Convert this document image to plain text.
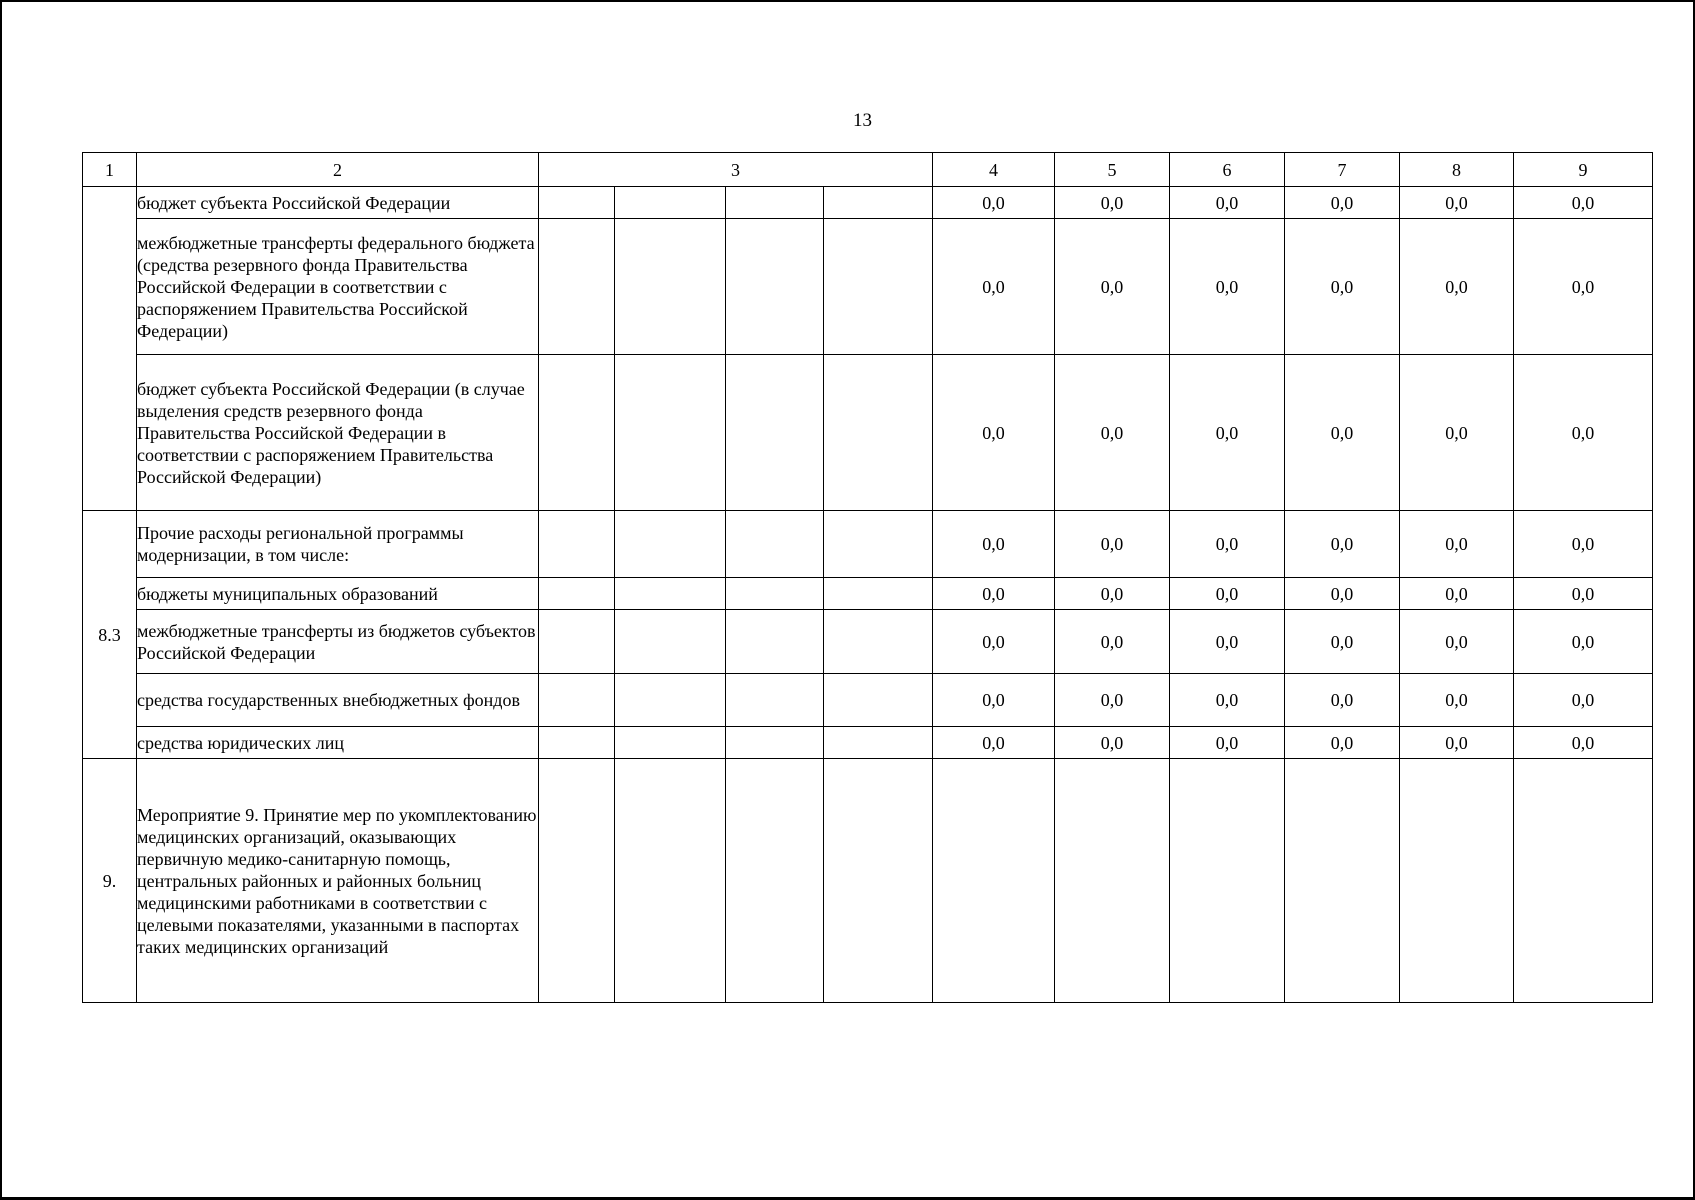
13
1	2	3				4	5	6	7	8	9
	бюджет субъекта Российской Федерации					0,0	0,0	0,0	0,0	0,0	0,0
	межбюджетные трансферты федерального бюджета (средства резервного фонда Правительства Российской Федерации в соответствии с распоряжением Правительства Российской Федерации)					0,0	0,0	0,0	0,0	0,0	0,0
	бюджет субъекта Российской Федерации (в случае выделения средств резервного фонда Правительства Российской Федерации в соответствии с распоряжением Правительства Российской Федерации)					0,0	0,0	0,0	0,0	0,0	0,0
8.3	Прочие расходы региональной программы модернизации, в том числе:					0,0	0,0	0,0	0,0	0,0	0,0
	бюджеты муниципальных образований					0,0	0,0	0,0	0,0	0,0	0,0
	межбюджетные трансферты из бюджетов субъектов Российской Федерации					0,0	0,0	0,0	0,0	0,0	0,0
	средства государственных внебюджетных фондов					0,0	0,0	0,0	0,0	0,0	0,0
	средства юридических лиц					0,0	0,0	0,0	0,0	0,0	0,0
9.	Мероприятие 9. Принятие мер по укомплектованию медицинских организаций, оказывающих первичную медико-санитарную помощь, центральных районных и районных больниц медицинскими работниками в соответствии с целевыми показателями, указанными в паспортах таких медицинских организаций										
